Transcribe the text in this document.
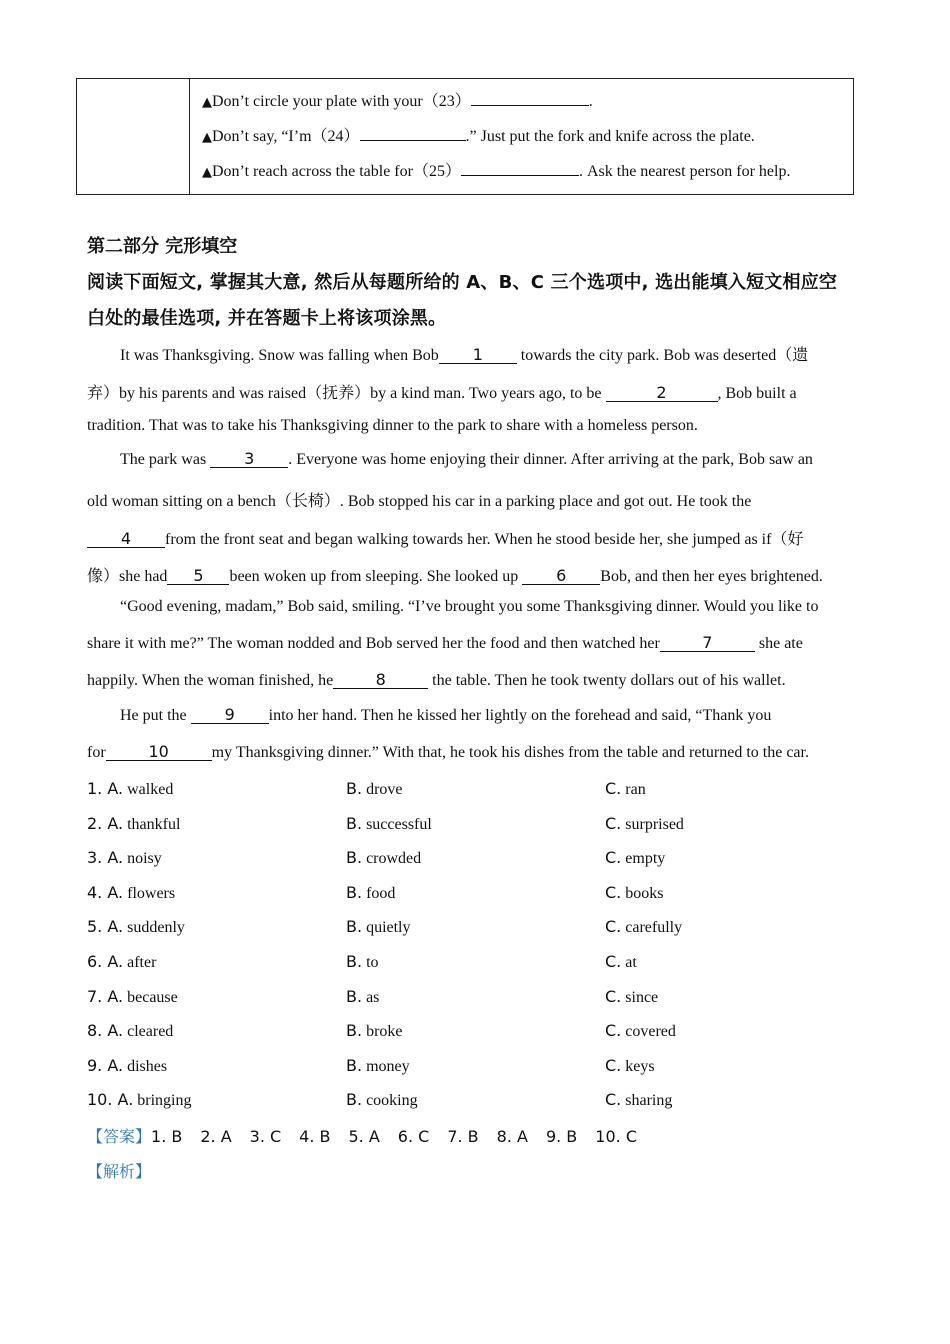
▲Don’t circle your plate with your（23）	.
▲Don’t say, “I’m（24）	.” Just put the fork and knife across the plate.
▲Don’t reach across the table for（25）	. Ask the nearest person for help.
第二部分 完形填空
阅读下面短文, 掌握其大意, 然后从每题所给的 A、B、C 三个选项中, 选出能填入短文相应空
白处的最佳选项, 并在答题卡上将该项涂黑。
It was Thanksgiving. Snow was falling when Bob 1 towards the city park. Bob was deserted（遗
弃）by his parents and was raised（抚养）by a kind man. Two years ago, to be	2	, Bob built a
tradition. That was to take his Thanksgiving dinner to the park to share with a homeless person.
The park was 3 . Everyone was home enjoying their dinner. After arriving at the park, Bob saw an
old woman sitting on a bench（长椅）. Bob stopped his car in a parking place and got out. He took the
4 from the front seat and began walking towards her. When he stood beside her, she jumped as if（好
像）she had 5 been woken up from sleeping. She looked up 6 Bob, and then her eyes brightened.
“Good evening, madam,” Bob said, smiling. “I’ve brought you some Thanksgiving dinner. Would you like to
share it with me?” The woman nodded and Bob served her the food and then watched her	7	she ate
happily. When the woman finished, he	8	the table. Then he took twenty dollars out of his wallet.
He put the 9 into her hand. Then he kissed her lightly on the forehead and said, “Thank you
for	10	my Thanksgiving dinner.” With that, he took his dishes from the table and returned to the car.
1. A. walked	B. drove	C. ran
2. A. thankful	B. successful	C. surprised
3. A. noisy	B. crowded	C. empty
4. A. flowers	B. food	C. books
5. A. suddenly	B. quietly	C. carefully
6. A. after	B. to	C. at
7. A. because	B. as	C. since
8. A. cleared	B. broke	C. covered
9. A. dishes	B. money	C. keys
10. A. bringing	B. cooking	C. sharing
【答案】1. B 2. A 3. C 4. B 5. A 6. C 7. B 8. A 9. B 10. C
【解析】
